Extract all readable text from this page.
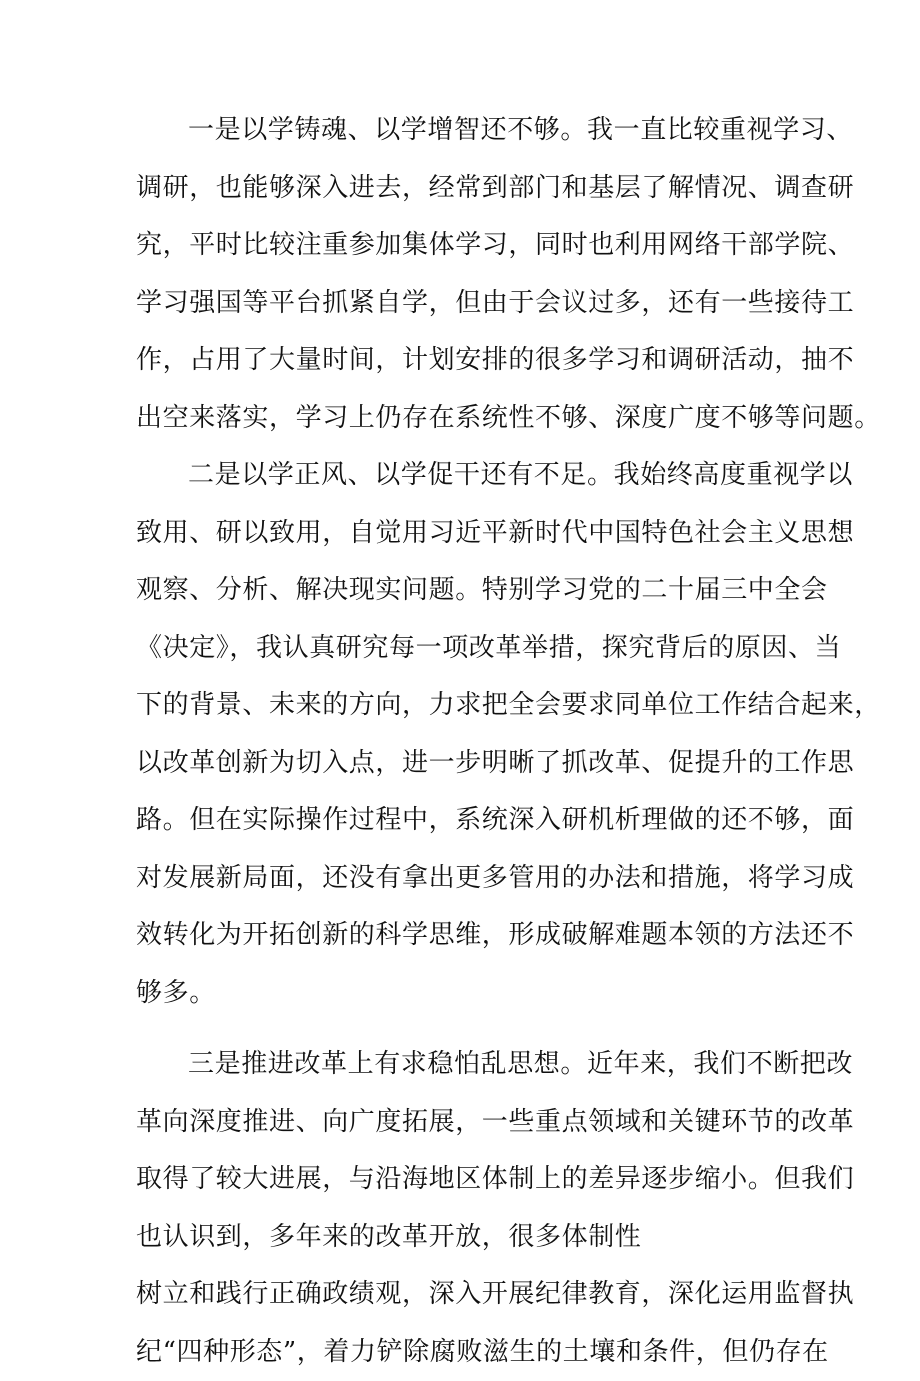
一是以学铸魂、以学增智还不够。我一直比较重视学习、
调研，也能够深入进去，经常到部门和基层了解情况、调查研
究，平时比较注重参加集体学习，同时也利用网络干部学院、
学习强国等平台抓紧自学，但由于会议过多，还有一些接待工
作，占用了大量时间，计划安排的很多学习和调研活动，抽不
出空来落实，学习上仍存在系统性不够、深度广度不够等问题。
二是以学正风、以学促干还有不足。我始终高度重视学以
致用、研以致用，自觉用习近平新时代中国特色社会主义思想
观察、分析、解决现实问题。特别学习党的二十届三中全会
《决定》，我认真研究每一项改革举措，探究背后的原因、当
下的背景、未来的方向，力求把全会要求同单位工作结合起来，
以改革创新为切入点，进一步明晰了抓改革、促提升的工作思
路。但在实际操作过程中，系统深入研机析理做的还不够，面
对发展新局面，还没有拿出更多管用的办法和措施，将学习成
效转化为开拓创新的科学思维，形成破解难题本领的方法还不
够多。
三是推进改革上有求稳怕乱思想。近年来，我们不断把改
革向深度推进、向广度拓展，一些重点领域和关键环节的改革
取得了较大进展，与沿海地区体制上的差异逐步缩小。但我们
也认识到，多年来的改革开放，很多体制性
树立和践行正确政绩观，深入开展纪律教育，深化运用监督执
纪“四种形态”，着力铲除腐败滋生的土壤和条件，但仍存在
